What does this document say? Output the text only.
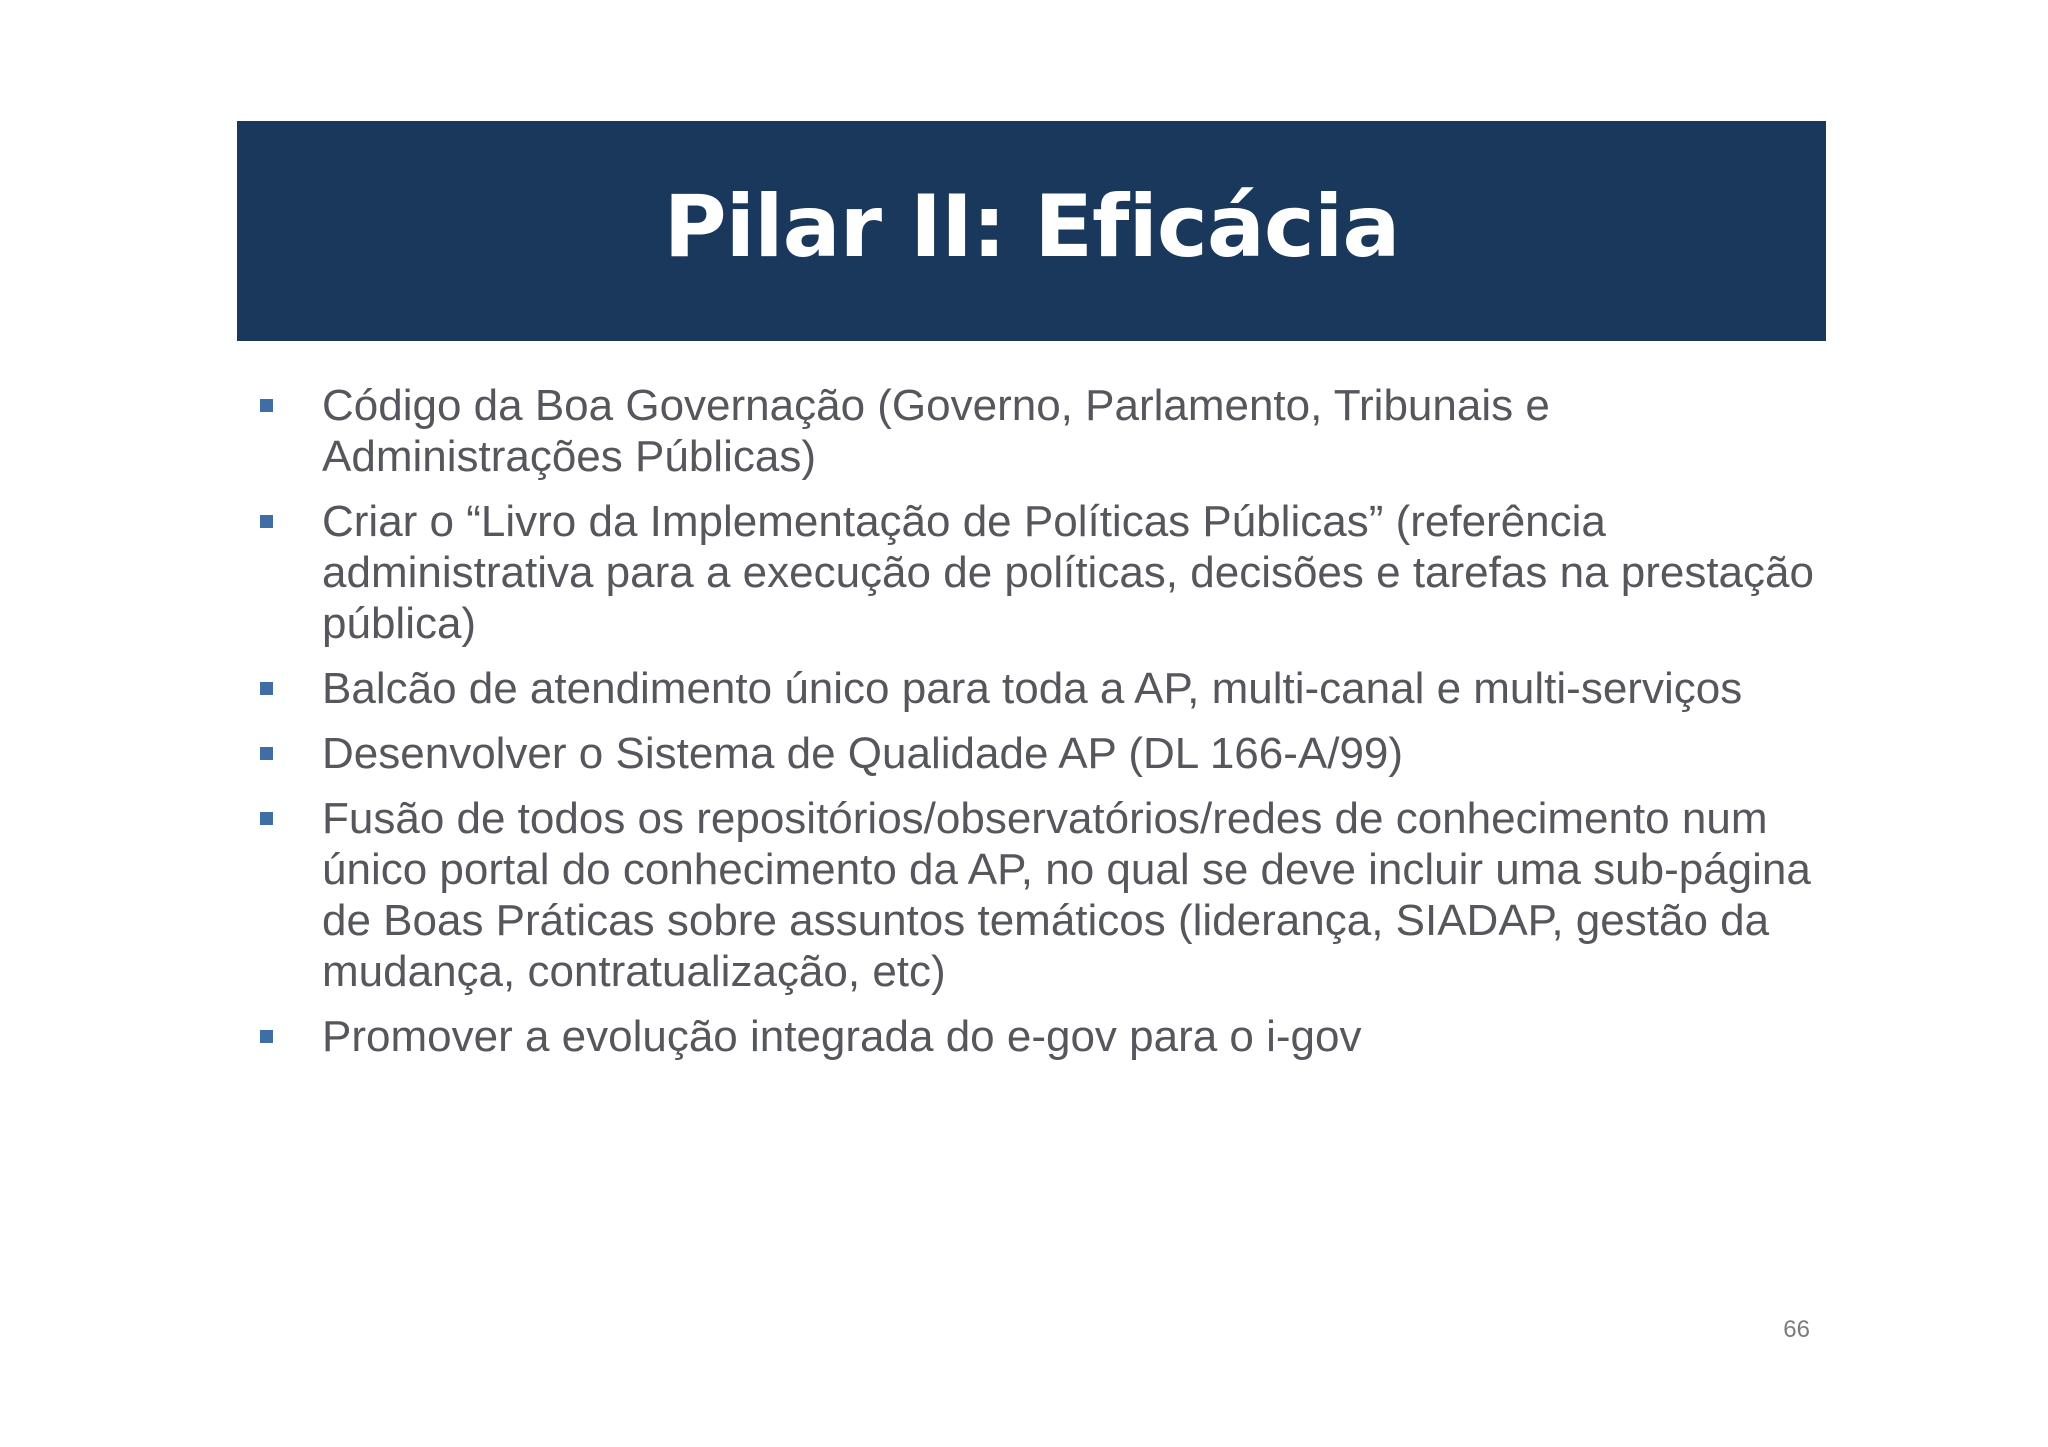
Pilar II: Eficácia
Código da Boa Governação (Governo, Parlamento, Tribunais e Administrações Públicas)
Criar o “Livro da Implementação de Políticas Públicas” (referência administrativa para a execução de políticas, decisões e tarefas na prestação pública)
Balcão de atendimento único para toda a AP, multi-canal e multi-serviços
Desenvolver o Sistema de Qualidade AP (DL 166-A/99)
Fusão de todos os repositórios/observatórios/redes de conhecimento num único portal do conhecimento da AP, no qual se deve incluir uma sub-página de Boas Práticas sobre assuntos temáticos (liderança, SIADAP, gestão da mudança, contratualização, etc)
Promover a evolução integrada do e-gov para o i-gov
66
